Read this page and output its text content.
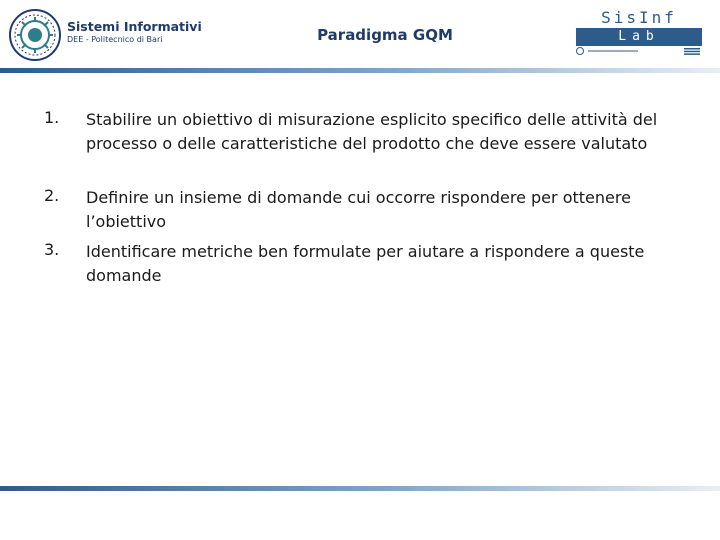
Sistemi Informativi
DEE - Politecnico di Bari	Paradigma GQM
SisInf
Lab
1. Stabilire un obiettivo di misurazione esplicito specifico delle attività del processo o delle caratteristiche del prodotto che deve essere valutato
2. Definire un insieme di domande cui occorre rispondere per ottenere l’obiettivo
3. Identificare metriche ben formulate per aiutare a rispondere a queste domande
